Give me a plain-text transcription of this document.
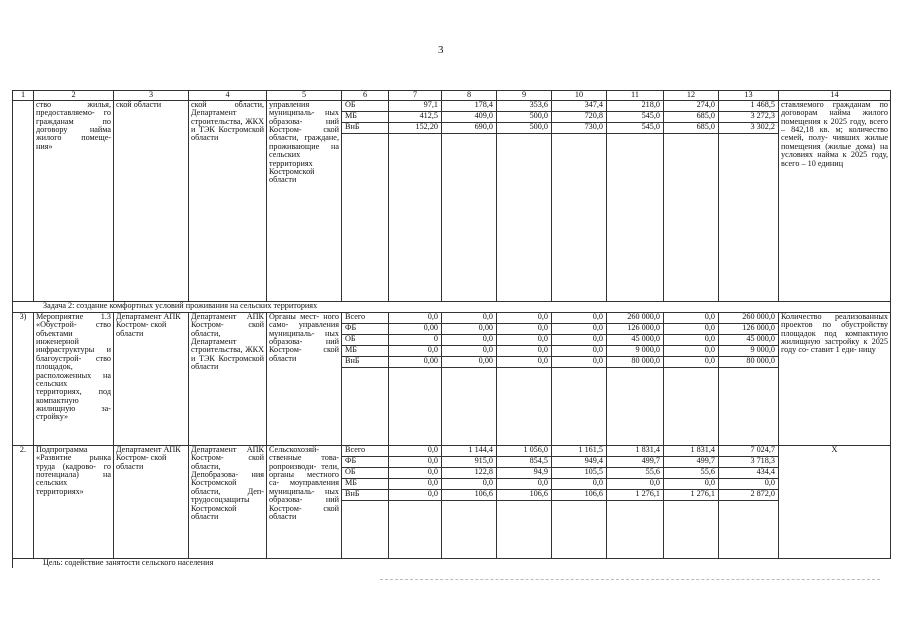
3
1	2	3	4	5	6	7	8	9	10	11	12	13	14
	ство жилья, предоставляемо- го гражданам по договору найма жилого помеще- ния»	ской области	ской области, Департамент строительства, ЖКХ и ТЭК Костромской области	управления муниципаль- ных образова- ний Костром- ской области, граждане, проживающие на сельских территориях Костромской области	ОБ	97,1	178,4	353,6	347,4	218,0	274,0	1 468,5	ставляемого гражданам по договорам найма жилого помещения к 2025 году, всего – 842,18 кв. м; количество семей, полу- чивших жилые помещения (жилые дома) на условиях найма к 2025 году, всего – 10 единиц
					МБ	412,5	409,0	500,0	720,8	545,0	685,0	3 272,3	
					ВнБ	152,20	690,0	500,0	730,0	545,0	685,0	3 302,2	

Задача 2: создание комфортных условий проживания на сельских территориях													
3)	Мероприятие 1.3 «Обустрой- ство объектами инженерной инфраструктуры и благоустрой- ство площадок, расположенных на сельских территориях, под компактную жилищную за- стройку»	Департамент АПК Костром- ской области	Департамент АПК Костром- ской области, Департамент строительства, ЖКХ и ТЭК Костромской области	Органы мест- ного само- управления муниципаль- ных образова- ний Костром- ской области	Всего	0,0	0,0	0,0	0,0	260 000,0	0,0	260 000,0	Количество реализованных проектов по обустройству площадок под компактную жилищную застройку к 2025 году со- ставит 1 еди- ницу
					ФБ	0,00	0,00	0,0	0,0	126 000,0	0,0	126 000,0	
					ОБ	0	0,0	0,0	0,0	45 000,0	0,0	45 000,0	
					МБ	0,0	0,0	0,0	0,0	9 000,0	0,0	9 000,0	
					ВнБ	0,00	0,00	0,0	0,0	80 000,0	0,0	80 000,0	

2.	Подпрограмма «Развитие рынка труда (кадрово- го потенциала) на сельских территориях»	Департамент АПК Костром- ской области	Департамент АПК Костром- ской области, Депобразова- ния Костромской области, Деп- трудосоцзащиты Костромской области	Сельскохозяй- ственные това- ропроизводи- тели, органы местного са- моуправления муниципаль- ных образова- ний Костром- ской области	Всего	0,0	1 144,4	1 056,0	1 161,5	1 831,4	1 831,4	7 024,7	Х
					ФБ	0,0	915,0	854,5	949,4	499,7	499,7	3 718,3	
					ОБ	0,0	122,8	94,9	105,5	55,6	55,6	434,4	
					МБ	0,0	0,0	0,0	0,0	0,0	0,0	0,0	
					ВнБ	0,0	106,6	106,6	106,6	1 276,1	1 276,1	2 872,0	

Цель: содействие занятости сельского населения													
